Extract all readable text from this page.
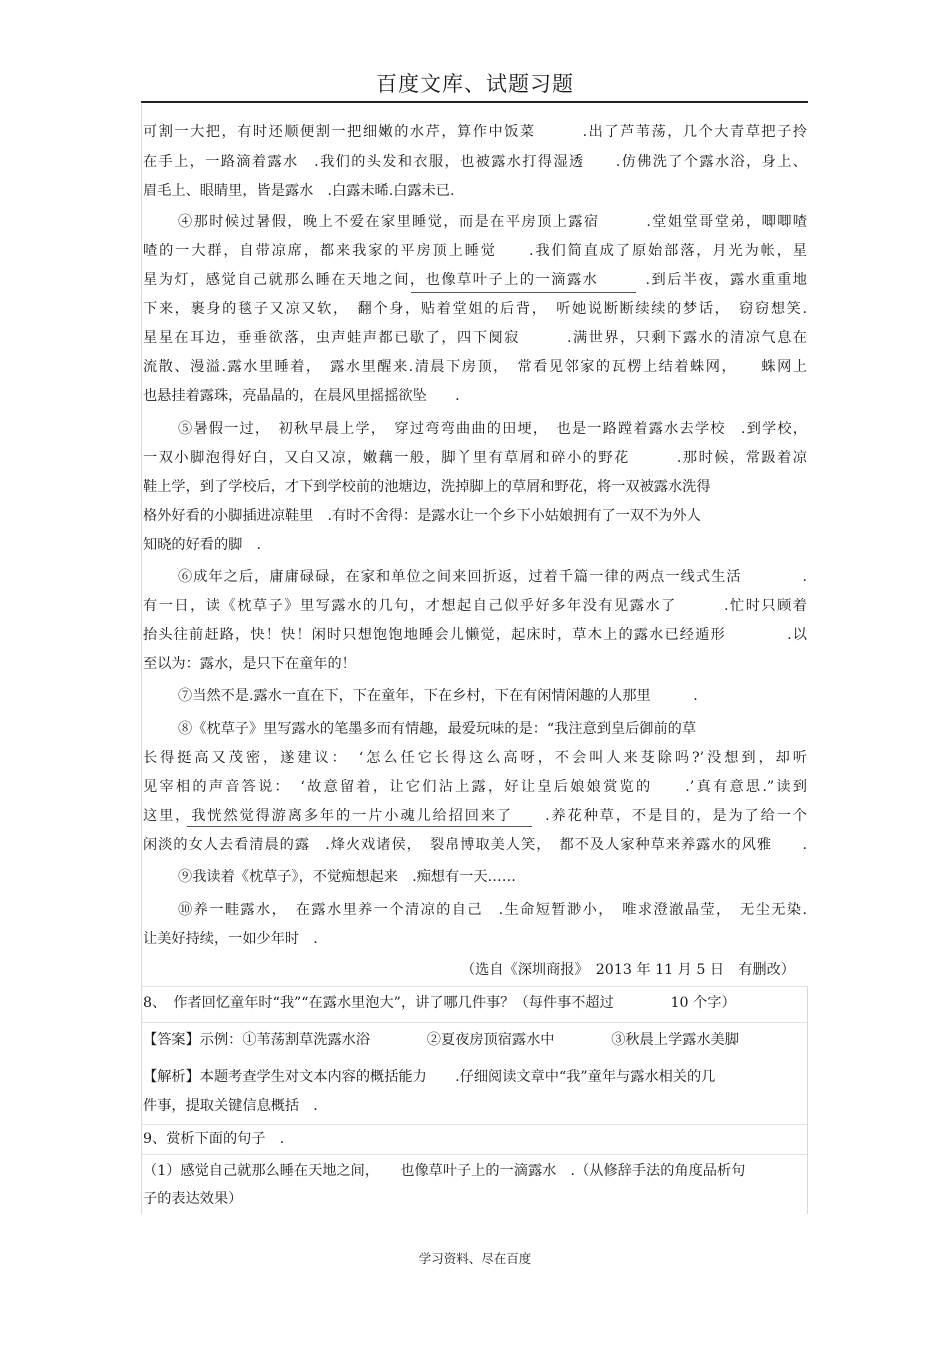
百度文库、试题习题
可割一大把，有时还顺便割一把细嫩的水芹，算作中饭菜　　　.出了芦苇荡，几个大青草把子拎
在手上，一路滴着露水　.我们的头发和衣服，也被露水打得湿透　　.仿佛洗了个露水浴，身上、
眉毛上、眼睛里，皆是露水　.白露未晞.白露未已.
④那时候过暑假，晚上不爱在家里睡觉，而是在平房顶上露宿　　　.堂姐堂哥堂弟，唧唧喳
喳的一大群，自带凉席，都来我家的平房顶上睡觉　　.我们简直成了原始部落，月光为帐，星
星为灯，感觉自己就那么睡在天地之间，也像草叶子上的一滴露水　　　.到后半夜，露水重重地
下来，裹身的毯子又凉又软，　翻个身，贴着堂姐的后背，　听她说断断续续的梦话，　窃窃想笑.
星星在耳边，垂垂欲落，虫声蛙声都已歇了，四下阒寂　　　.满世界，只剩下露水的清凉气息在
流散、漫溢.露水里睡着，　露水里醒来.清晨下房顶，　常看见邻家的瓦楞上结着蛛网，　　蛛网上
也悬挂着露珠，亮晶晶的，在晨风里摇摇欲坠　　.
⑤暑假一过，　初秋早晨上学，　穿过弯弯曲曲的田埂，　也是一路蹚着露水去学校　.到学校，
一双小脚泡得好白，又白又凉，嫩藕一般，脚丫里有草屑和碎小的野花　　　.那时候，常趿着凉
鞋上学，到了学校后，才下到学校前的池塘边，洗掉脚上的草屑和野花，将一双被露水洗得
格外好看的小脚插进凉鞋里　.有时不舍得：是露水让一个乡下小姑娘拥有了一双不为外人
知晓的好看的脚　.
⑥成年之后，庸庸碌碌，在家和单位之间来回折返，过着千篇一律的两点一线式生活　　　　.
有一日，读《枕草子》里写露水的几句，才想起自己似乎好多年没有见露水了　　　.忙时只顾着
抬头往前赶路，快！快！闲时只想饱饱地睡会儿懒觉，起床时，草木上的露水已经遁形　　　　.以
至以为：露水，是只下在童年的！
⑦当然不是.露水一直在下，下在童年，下在乡村，下在有闲情闲趣的人那里　　　.
⑧《枕草子》里写露水的笔墨多而有情趣，最爱玩味的是：“我注意到皇后御前的草
长得挺高又茂密，遂建议：　‘怎么任它长得这么高呀，不会叫人来芟除吗?’没想到，却听
见宰相的声音答说：　‘故意留着，让它们沾上露，好让皇后娘娘赏览的　　.’真有意思.”读到
这里，我恍然觉得游离多年的一片小魂儿给招回来了　　.养花种草，不是目的，是为了给一个
闲淡的女人去看清晨的露　.烽火戏诸侯，　裂帛博取美人笑，　都不及人家种草来养露水的风雅　　.
⑨我读着《枕草子》，不觉痴想起来　.痴想有一天……
⑩养一畦露水，　在露水里养一个清凉的自己　.生命短暂渺小，　唯求澄澈晶莹，　无尘无染.
让美好持续，一如少年时　.
（选自《深圳商报》　2013 年 11 月 5 日　有删改）
8、　作者回忆童年时“我”“在露水里泡大”，讲了哪几件事？（每件事不超过　　　　10 个字）
【答案】示例：①苇荡割草洗露水浴　　　　②夏夜房顶宿露水中　　　　③秋晨上学露水美脚
【解析】本题考查学生对文本内容的概括能力　　.仔细阅读文章中“我”童年与露水相关的几
件事，提取关键信息概括　.
9、赏析下面的句子　.
（1）感觉自己就那么睡在天地之间，　　也像草叶子上的一滴露水　.（从修辞手法的角度品析句
子的表达效果）
学习资料、尽在百度
